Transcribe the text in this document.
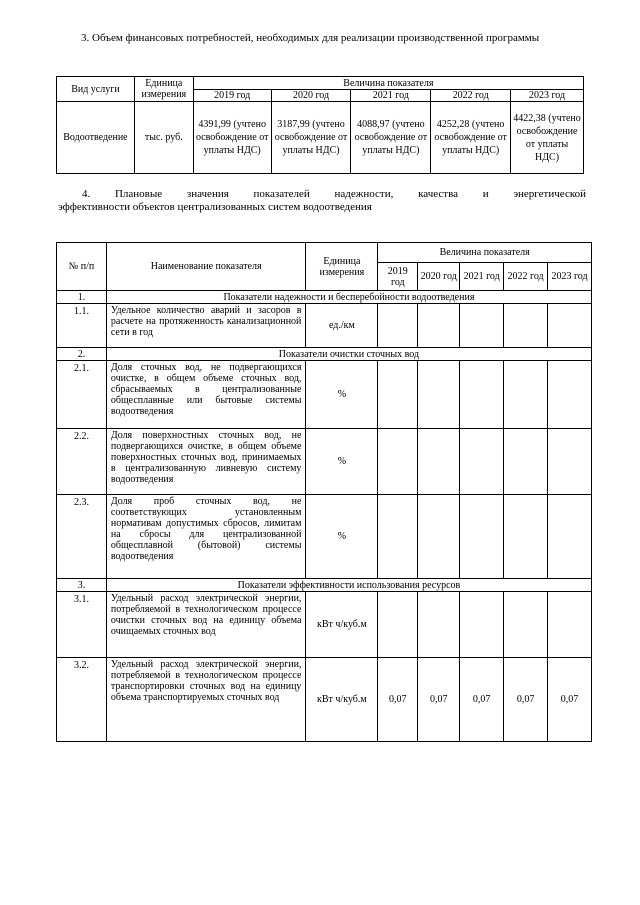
3. Объем финансовых потребностей, необходимых для реализации производственной программы
Вид услуги	Единица измерения	Величина показателя				
		2019 год	2020 год	2021 год	2022 год	2023 год
Водоотведение	тыс. руб.	4391,99 (учтено освобождение от уплаты НДС)	3187,99 (учтено освобождение от уплаты НДС)	4088,97 (учтено освобождение от уплаты НДС)	4252,28 (учтено освобождение от уплаты НДС)	4422,38 (учтено освобождение от уплаты НДС)
4. Плановые значения показателей надежности, качества и энергетической
эффективности объектов централизованных систем водоотведения
№ п/п	Наименование показателя	Единица измерения	Величина показателя				
			2019 год	2020 год	2021 год	2022 год	2023 год
1.	Показатели надежности и бесперебойности водоотведения						
1.1.	Удельное количество аварий и засоров в расчете на протяженность канализационной сети в год	ед./км					
2.	Показатели очистки сточных вод						
2.1.	Доля сточных вод, не подвергающихся очистке, в общем объеме сточных вод, сбрасываемых в централизованные общесплавные или бытовые системы водоотведения	%					
2.2.	Доля поверхностных сточных вод, не подвергающихся очистке, в общем объеме поверхностных сточных вод, принимаемых в централизованную ливневую систему водоотведения	%					
2.3.	Доля проб сточных вод, не соответствующих установленным нормативам допустимых сбросов, лимитам на сбросы для централизованной общесплавной (бытовой) системы водоотведения	%					
3.	Показатели эффективности использования ресурсов						
3.1.	Удельный расход электрической энергии, потребляемой в технологическом процессе очистки сточных вод на единицу объема очищаемых сточных вод	кВт ч/куб.м					
3.2.	Удельный расход электрической энергии, потребляемой в технологическом процессе транспортировки сточных вод на единицу объема транспортируемых сточных вод	кВт ч/куб.м	0,07	0,07	0,07	0,07	0,07
